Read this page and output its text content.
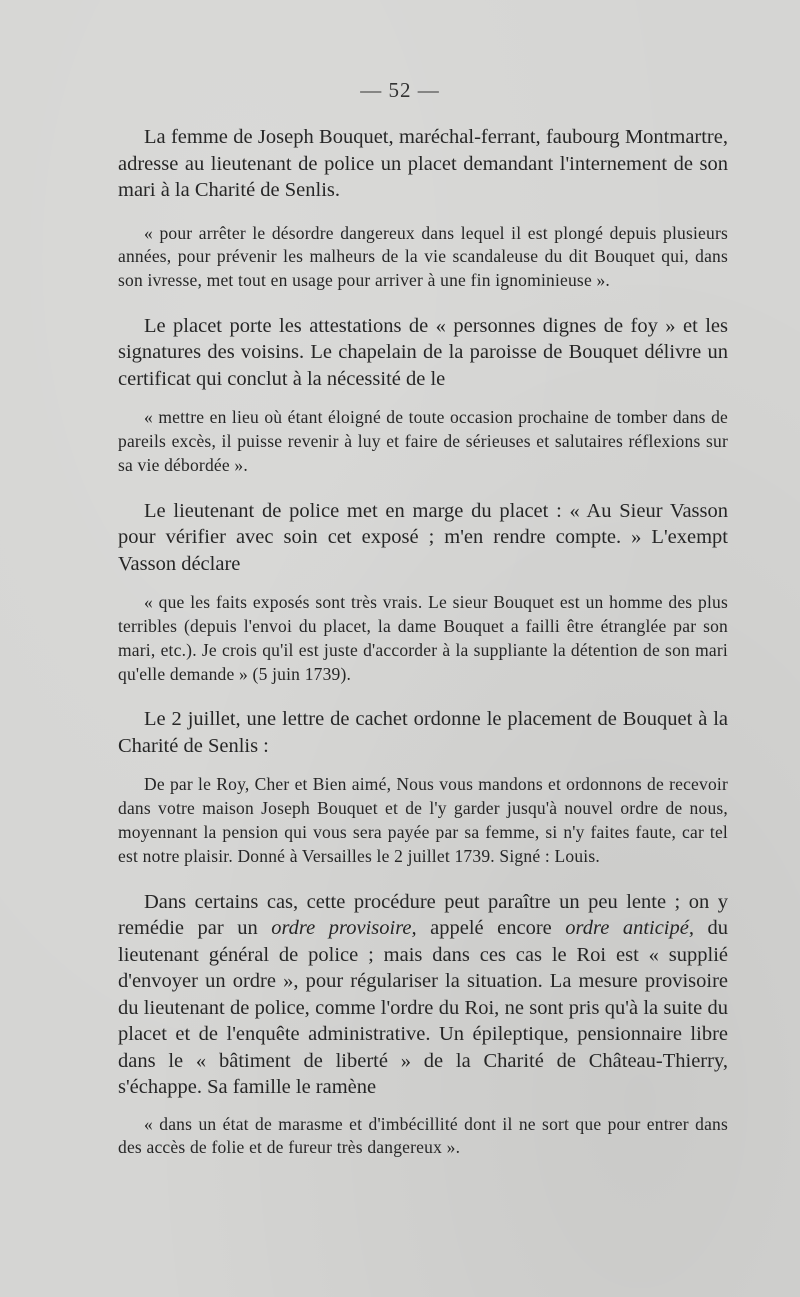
— 52 —

La femme de Joseph Bouquet, maréchal-ferrant, faubourg Montmartre, adresse au lieutenant de police un placet demandant l'internement de son mari à la Charité de Senlis.

« pour arrêter le désordre dangereux dans lequel il est plongé depuis plusieurs années, pour prévenir les malheurs de la vie scandaleuse du dit Bouquet qui, dans son ivresse, met tout en usage pour arriver à une fin ignominieuse ».

Le placet porte les attestations de « personnes dignes de foy » et les signatures des voisins. Le chapelain de la paroisse de Bouquet délivre un certificat qui conclut à la nécessité de le

« mettre en lieu où étant éloigné de toute occasion prochaine de tomber dans de pareils excès, il puisse revenir à luy et faire de sérieuses et salutaires réflexions sur sa vie débordée ».

Le lieutenant de police met en marge du placet : « Au Sieur Vasson pour vérifier avec soin cet exposé ; m'en rendre compte. » L'exempt Vasson déclare

« que les faits exposés sont très vrais. Le sieur Bouquet est un homme des plus terribles (depuis l'envoi du placet, la dame Bouquet a failli être étranglée par son mari, etc.). Je crois qu'il est juste d'accorder à la suppliante la détention de son mari qu'elle demande » (5 juin 1739).

Le 2 juillet, une lettre de cachet ordonne le placement de Bouquet à la Charité de Senlis :

De par le Roy, Cher et Bien aimé, Nous vous mandons et ordonnons de recevoir dans votre maison Joseph Bouquet et de l'y garder jusqu'à nouvel ordre de nous, moyennant la pension qui vous sera payée par sa femme, si n'y faites faute, car tel est notre plaisir. Donné à Versailles le 2 juillet 1739. Signé : Louis.

Dans certains cas, cette procédure peut paraître un peu lente ; on y remédie par un ordre provisoire, appelé encore ordre anticipé, du lieutenant général de police ; mais dans ces cas le Roi est « supplié d'envoyer un ordre », pour régulariser la situation. La mesure provisoire du lieutenant de police, comme l'ordre du Roi, ne sont pris qu'à la suite du placet et de l'enquête administrative. Un épileptique, pensionnaire libre dans le « bâtiment de liberté » de la Charité de Château-Thierry, s'échappe. Sa famille le ramène

« dans un état de marasme et d'imbécillité dont il ne sort que pour entrer dans des accès de folie et de fureur très dangereux ».
